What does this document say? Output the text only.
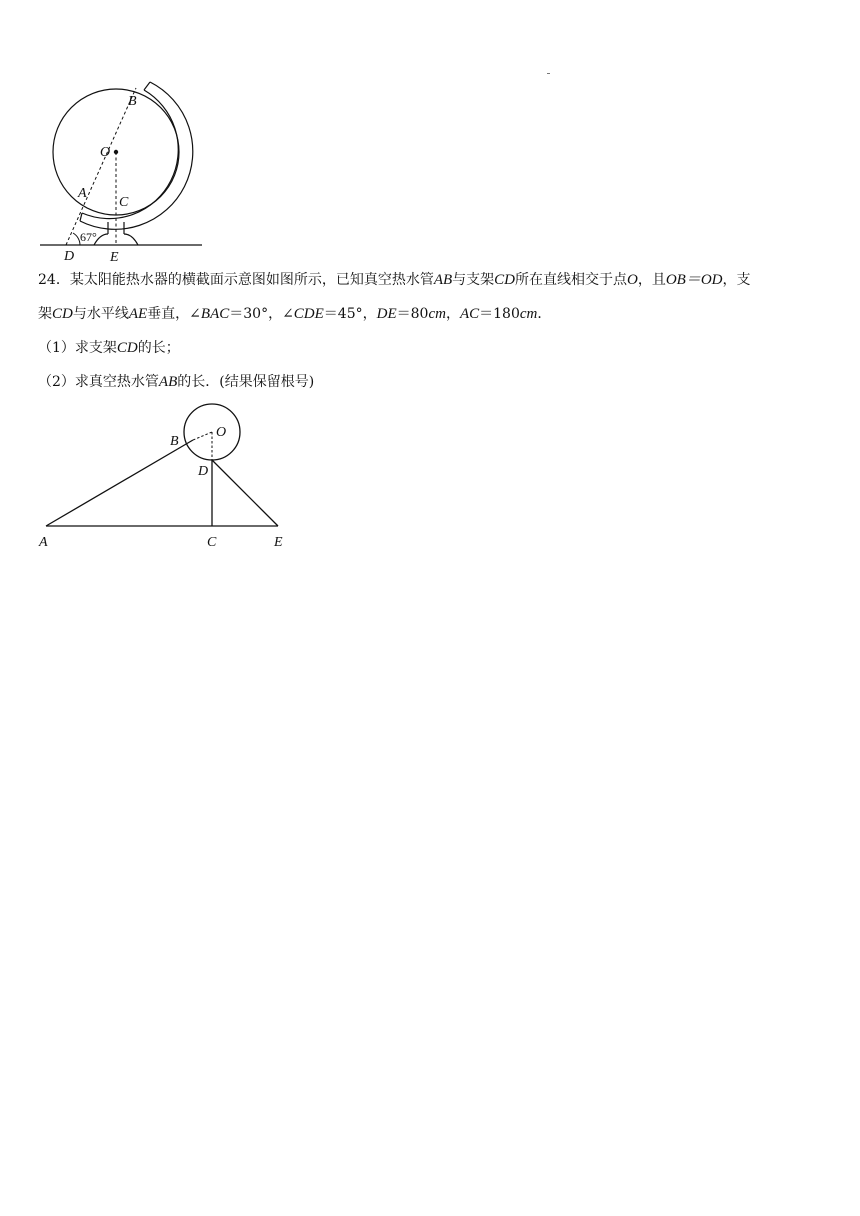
B
O
A
C
67°
D	E
24．某太阳能热水器的横截面示意图如图所示，已知真空热水管AB与支架CD所在直线相交于点O，且OB＝OD，支
架CD与水平线AE垂直，∠BAC＝30°，∠CDE＝45°，DE＝80cm，AC＝180cm．
（1）求支架CD的长；
（2）求真空热水管AB的长．(结果保留根号)
O
B
D
A	C	E
